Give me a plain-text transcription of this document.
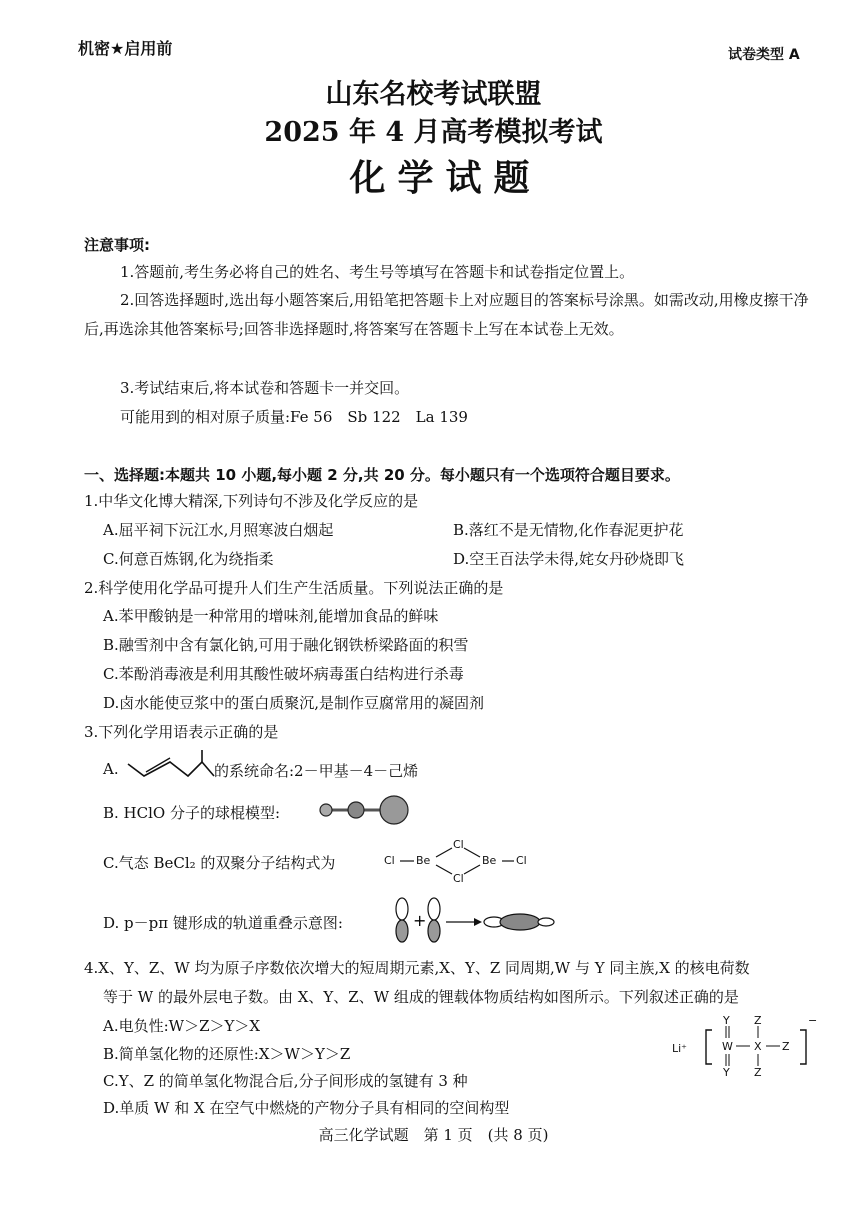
机密★启用前	试卷类型 A
山东名校考试联盟
2025 年 4 月高考模拟考试
化学试题
注意事项:
1.答题前,考生务必将自己的姓名、考生号等填写在答题卡和试卷指定位置上。
2.回答选择题时,选出每小题答案后,用铅笔把答题卡上对应题目的答案标号涂黑。如需改动,用橡皮擦干净后,再选涂其他答案标号;回答非选择题时,将答案写在答题卡上写在本试卷上无效。
3.考试结束后,将本试卷和答题卡一并交回。
可能用到的相对原子质量:Fe 56　Sb 122　La 139
一、选择题:本题共 10 小题,每小题 2 分,共 20 分。每小题只有一个选项符合题目要求。
1.中华文化博大精深,下列诗句不涉及化学反应的是
A.屈平祠下沅江水,月照寒波白烟起	B.落红不是无情物,化作春泥更护花
C.何意百炼钢,化为绕指柔	D.空王百法学未得,姹女丹砂烧即飞
2.科学使用化学品可提升人们生产生活质量。下列说法正确的是
A.苯甲酸钠是一种常用的增味剂,能增加食品的鲜味
B.融雪剂中含有氯化钠,可用于融化钢铁桥梁路面的积雪
C.苯酚消毒液是利用其酸性破坏病毒蛋白结构进行杀毒
D.卤水能使豆浆中的蛋白质聚沉,是制作豆腐常用的凝固剂
3.下列化学用语表示正确的是
A.	的系统命名:2－甲基－4－己烯
B. HClO 分子的球棍模型:
C.气态 BeCl₂ 的双聚分子结构式为	Cl Be
Cl
Cl
Be Cl
D. p－pπ 键形成的轨道重叠示意图:	+
4.X、Y、Z、W 均为原子序数依次增大的短周期元素,X、Y、Z 同周期,W 与 Y 同主族,X 的核电荷数
等于 W 的最外层电子数。由 X、Y、Z、W 组成的锂载体物质结构如图所示。下列叙述正确的是
A.电负性:W＞Z＞Y＞X
B.简单氢化物的还原性:X＞W＞Y＞Z
C.Y、Z 的简单氢化物混合后,分子间形成的氢键有 3 种
D.单质 W 和 X 在空气中燃烧的产物分子具有相同的空间构型
Li⁺
Y Z
W X Z
Y Z
−
高三化学试题　第 1 页　(共 8 页)
